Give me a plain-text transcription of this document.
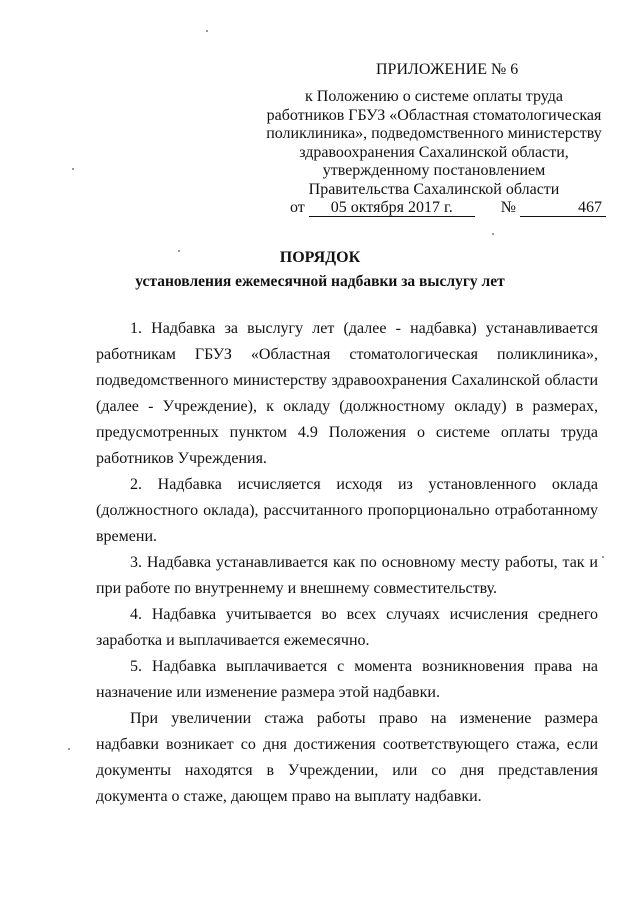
ПРИЛОЖЕНИЕ № 6
к Положению о системе оплаты труда
работников ГБУЗ «Областная стоматологическая
поликлиника», подведомственного министерству
здравоохранения Сахалинской области,
утвержденному постановлением
Правительства Сахалинской области
от 05 октября 2017 г.	№	467
ПОРЯДОК
установления ежемесячной надбавки за выслугу лет

1. Надбавка за выслугу лет (далее - надбавка) устанавливается работникам ГБУЗ «Областная стоматологическая поликлиника», подведомственного министерству здравоохранения Сахалинской области (далее - Учреждение), к окладу (должностному окладу) в размерах, предусмотренных пунктом 4.9 Положения о системе оплаты труда работников Учреждения.

2. Надбавка исчисляется исходя из установленного оклада (должностного оклада), рассчитанного пропорционально отработанному времени.

3. Надбавка устанавливается как по основному месту работы, так и при работе по внутреннему и внешнему совместительству.

4. Надбавка учитывается во всех случаях исчисления среднего заработка и выплачивается ежемесячно.

5. Надбавка выплачивается с момента возникновения права на назначение или изменение размера этой надбавки.

При увеличении стажа работы право на изменение размера надбавки возникает со дня достижения соответствующего стажа, если документы находятся в Учреждении, или со дня представления документа о стаже, дающем право на выплату надбавки.
